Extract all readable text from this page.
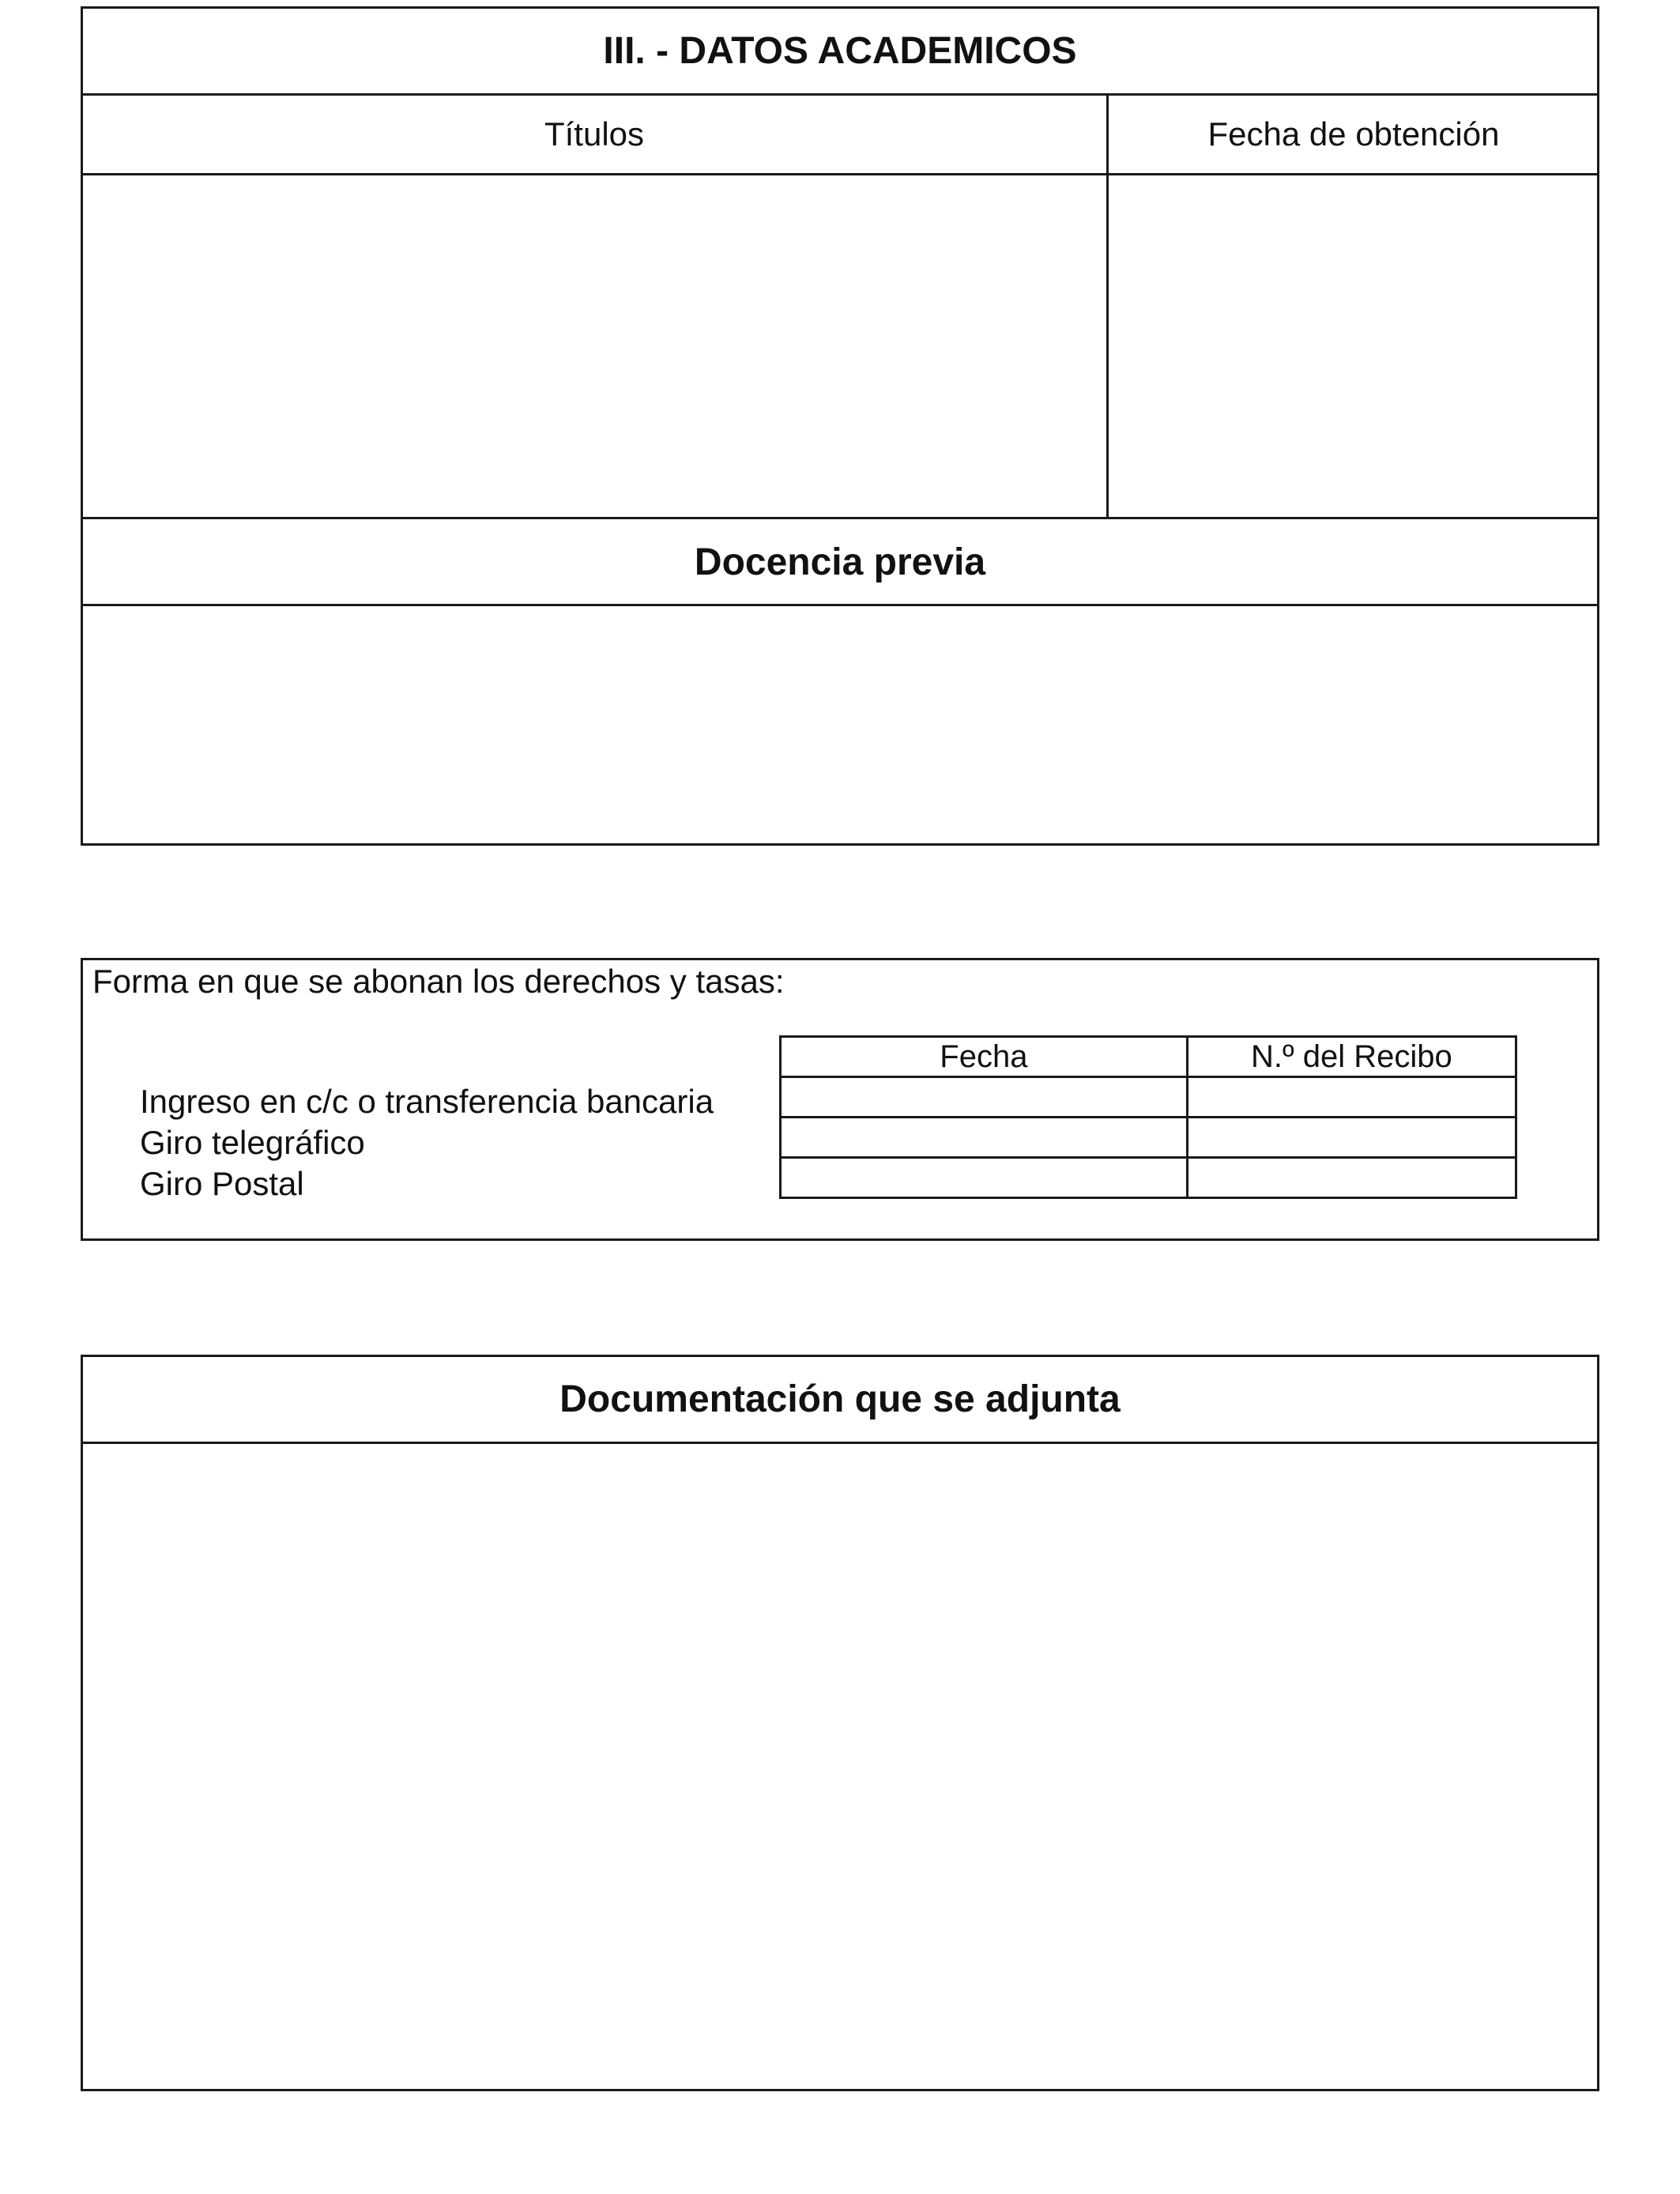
III. - DATOS ACADEMICOS
Títulos	Fecha de obtención
Docencia previa
Forma en que se abonan los derechos y tasas:
Ingreso en c/c o transferencia bancaria
Giro telegráfico
Giro Postal
Fecha	N.º del Recibo

Documentación que se adjunta
